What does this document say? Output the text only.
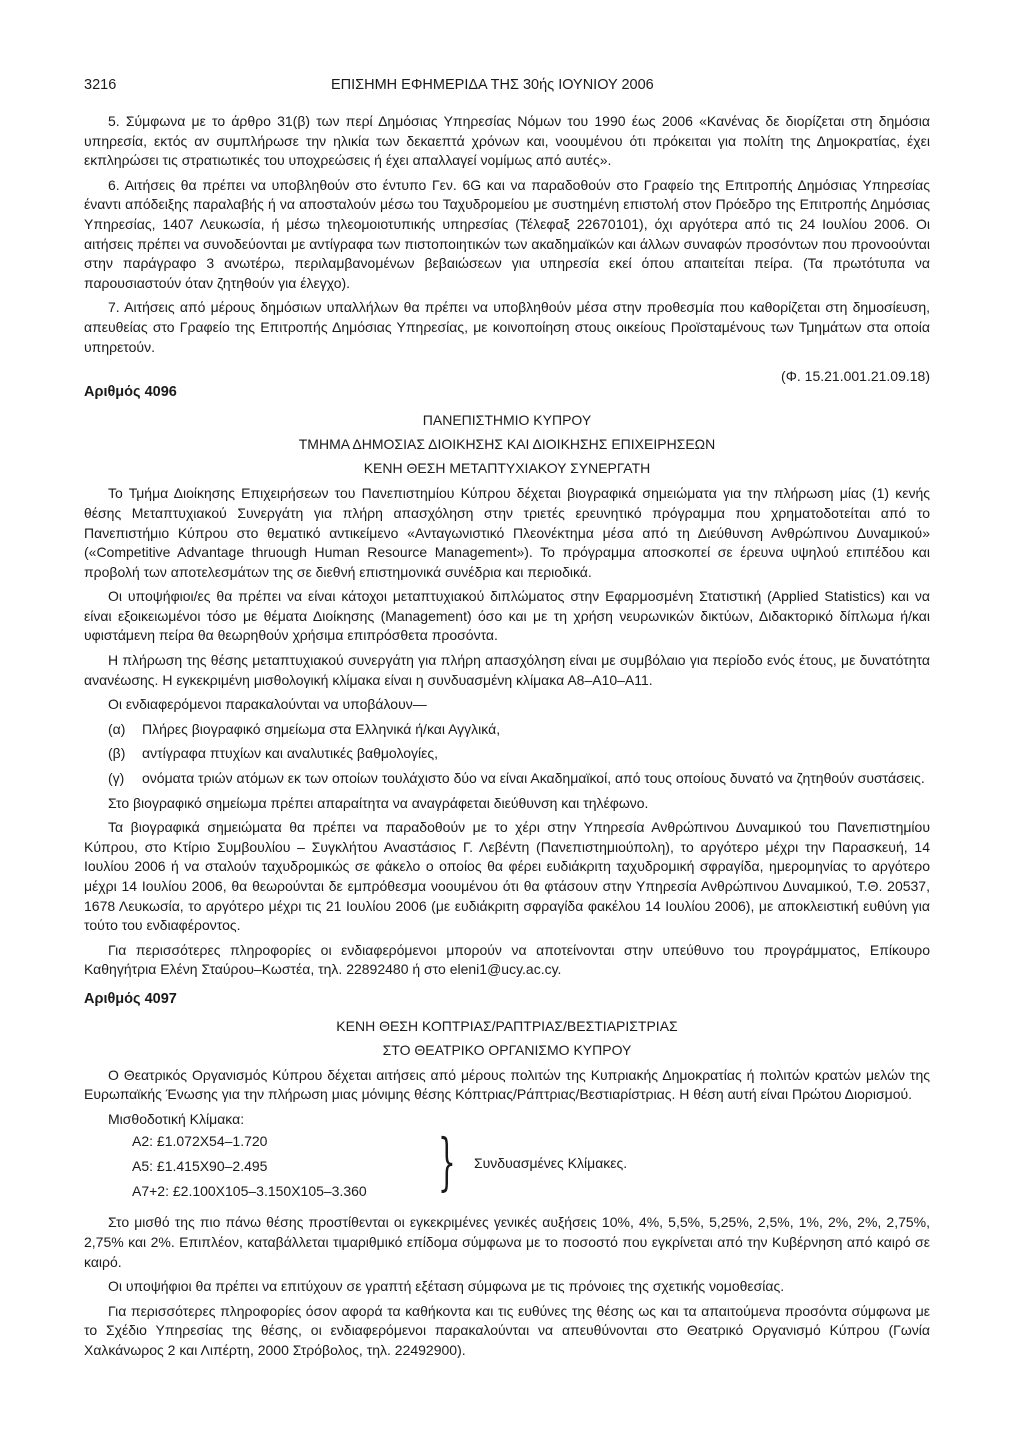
3216	ΕΠΙΣΗΜΗ ΕΦΗΜΕΡΙΔΑ ΤΗΣ 30ής ΙΟΥΝΙΟΥ 2006

5. Σύμφωνα με το άρθρο 31(β) των περί Δημόσιας Υπηρεσίας Νόμων του 1990 έως 2006 «Κανένας δε διορίζεται στη δημόσια υπηρεσία, εκτός αν συμπλήρωσε την ηλικία των δεκαεπτά χρόνων και, νοουμένου ότι πρόκειται για πολίτη της Δημοκρατίας, έχει εκπληρώσει τις στρατιωτικές του υποχρεώσεις ή έχει απαλλαγεί νομίμως από αυτές».

6. Αιτήσεις θα πρέπει να υποβληθούν στο έντυπο Γεν. 6G και να παραδοθούν στο Γραφείο της Επιτροπής Δημόσιας Υπηρεσίας έναντι απόδειξης παραλαβής ή να αποσταλούν μέσω του Ταχυδρομείου με συστημένη επιστολή στον Πρόεδρο της Επιτροπής Δημόσιας Υπηρεσίας, 1407 Λευκωσία, ή μέσω τηλεομοιοτυπικής υπηρεσίας (Τέλεφαξ 22670101), όχι αργότερα από τις 24 Ιουλίου 2006. Οι αιτήσεις πρέπει να συνοδεύονται με αντίγραφα των πιστοποιητικών των ακαδημαϊκών και άλλων συναφών προσόντων που προνοούνται στην παράγραφο 3 ανωτέρω, περιλαμβανομένων βεβαιώσεων για υπηρεσία εκεί όπου απαιτείται πείρα. (Τα πρωτότυπα να παρουσιαστούν όταν ζητηθούν για έλεγχο).

7. Αιτήσεις από μέρους δημόσιων υπαλλήλων θα πρέπει να υποβληθούν μέσα στην προθεσμία που καθορίζεται στη δημοσίευση, απευθείας στο Γραφείο της Επιτροπής Δημόσιας Υπηρεσίας, με κοινοποίηση στους οικείους Προϊσταμένους των Τμημάτων στα οποία υπηρετούν.

(Φ. 15.21.001.21.09.18)

Αριθμός 4096
ΠΑΝΕΠΙΣΤΗΜΙΟ ΚΥΠΡΟΥ
ΤΜΗΜΑ ΔΗΜΟΣΙΑΣ ΔΙΟΙΚΗΣΗΣ ΚΑΙ ΔΙΟΙΚΗΣΗΣ ΕΠΙΧΕΙΡΗΣΕΩΝ
ΚΕΝΗ ΘΕΣΗ ΜΕΤΑΠΤΥΧΙΑΚΟΥ ΣΥΝΕΡΓΑΤΗ

Το Τμήμα Διοίκησης Επιχειρήσεων του Πανεπιστημίου Κύπρου δέχεται βιογραφικά σημειώματα για την πλήρωση μίας (1) κενής θέσης Μεταπτυχιακού Συνεργάτη για πλήρη απασχόληση στην τριετές ερευνητικό πρόγραμμα που χρηματοδοτείται από το Πανεπιστήμιο Κύπρου στο θεματικό αντικείμενο «Ανταγωνιστικό Πλεονέκτημα μέσα από τη Διεύθυνση Ανθρώπινου Δυναμικού» («Competitive Advantage thruough Human Resource Management»). Το πρόγραμμα αποσκοπεί σε έρευνα υψηλού επιπέδου και προβολή των αποτελεσμάτων της σε διεθνή επιστημονικά συνέδρια και περιοδικά.

Οι υποψήφιοι/ες θα πρέπει να είναι κάτοχοι μεταπτυχιακού διπλώματος στην Εφαρμοσμένη Στατιστική (Applied Statistics) και να είναι εξοικειωμένοι τόσο με θέματα Διοίκησης (Management) όσο και με τη χρήση νευρωνικών δικτύων, Διδακτορικό δίπλωμα ή/και υφιστάμενη πείρα θα θεωρηθούν χρήσιμα επιπρόσθετα προσόντα.

Η πλήρωση της θέσης μεταπτυχιακού συνεργάτη για πλήρη απασχόληση είναι με συμβόλαιο για περίοδο ενός έτους, με δυνατότητα ανανέωσης. Η εγκεκριμένη μισθολογική κλίμακα είναι η συνδυασμένη κλίμακα Α8–Α10–Α11.

Οι ενδιαφερόμενοι παρακαλούνται να υποβάλουν—

(α)	Πλήρες βιογραφικό σημείωμα στα Ελληνικά ή/και Αγγλικά,
(β)	αντίγραφα πτυχίων και αναλυτικές βαθμολογίες,
(γ)	ονόματα τριών ατόμων εκ των οποίων τουλάχιστο δύο να είναι Ακαδημαϊκοί, από τους οποίους δυνατό να ζητηθούν συστάσεις.

Στο βιογραφικό σημείωμα πρέπει απαραίτητα να αναγράφεται διεύθυνση και τηλέφωνο.

Τα βιογραφικά σημειώματα θα πρέπει να παραδοθούν με το χέρι στην Υπηρεσία Ανθρώπινου Δυναμικού του Πανεπιστημίου Κύπρου, στο Κτίριο Συμβουλίου – Συγκλήτου Αναστάσιος Γ. Λεβέντη (Πανεπιστημιούπολη), το αργότερο μέχρι την Παρασκευή, 14 Ιουλίου 2006 ή να σταλούν ταχυδρομικώς σε φάκελο ο οποίος θα φέρει ευδιάκριτη ταχυδρομική σφραγίδα, ημερομηνίας το αργότερο μέχρι 14 Ιουλίου 2006, θα θεωρούνται δε εμπρόθεσμα νοουμένου ότι θα φτάσουν στην Υπηρεσία Ανθρώπινου Δυναμικού, Τ.Θ. 20537, 1678 Λευκωσία, το αργότερο μέχρι τις 21 Ιουλίου 2006 (με ευδιάκριτη σφραγίδα φακέλου 14 Ιουλίου 2006), με αποκλειστική ευθύνη για τούτο του ενδιαφέροντος.

Για περισσότερες πληροφορίες οι ενδιαφερόμενοι μπορούν να αποτείνονται στην υπεύθυνο του προγράμματος, Επίκουρο Καθηγήτρια Ελένη Σταύρου–Κωστέα, τηλ. 22892480 ή στο eleni1@ucy.ac.cy.

Αριθμός 4097
ΚΕΝΗ ΘΕΣΗ ΚΟΠΤΡΙΑΣ/ΡΑΠΤΡΙΑΣ/ΒΕΣΤΙΑΡΙΣΤΡΙΑΣ
ΣΤΟ ΘΕΑΤΡΙΚΟ ΟΡΓΑΝΙΣΜΟ ΚΥΠΡΟΥ

Ο Θεατρικός Οργανισμός Κύπρου δέχεται αιτήσεις από μέρους πολιτών της Κυπριακής Δημοκρατίας ή πολιτών κρατών μελών της Ευρωπαϊκής Ένωσης για την πλήρωση μιας μόνιμης θέσης Κόπτριας/Ράπτριας/Βεστιαρίστριας. Η θέση αυτή είναι Πρώτου Διορισμού.

Μισθοδοτική Κλίμακα:

Α2: £1.072Χ54–1.720
Α5: £1.415Χ90–2.495
Α7+2: £2.100Χ105–3.150Χ105–3.360 } Συνδυασμένες Κλίμακες.

Στο μισθό της πιο πάνω θέσης προστίθενται οι εγκεκριμένες γενικές αυξήσεις 10%, 4%, 5,5%, 5,25%, 2,5%, 1%, 2%, 2%, 2,75%, 2,75% και 2%. Επιπλέον, καταβάλλεται τιμαριθμικό επίδομα σύμφωνα με το ποσοστό που εγκρίνεται από την Κυβέρνηση από καιρό σε καιρό.

Οι υποψήφιοι θα πρέπει να επιτύχουν σε γραπτή εξέταση σύμφωνα με τις πρόνοιες της σχετικής νομοθεσίας.

Για περισσότερες πληροφορίες όσον αφορά τα καθήκοντα και τις ευθύνες της θέσης ως και τα απαιτούμενα προσόντα σύμφωνα με το Σχέδιο Υπηρεσίας της θέσης, οι ενδιαφερόμενοι παρακαλούνται να απευθύνονται στο Θεατρικό Οργανισμό Κύπρου (Γωνία Χαλκάνωρος 2 και Λιπέρτη, 2000 Στρόβολος, τηλ. 22492900).
